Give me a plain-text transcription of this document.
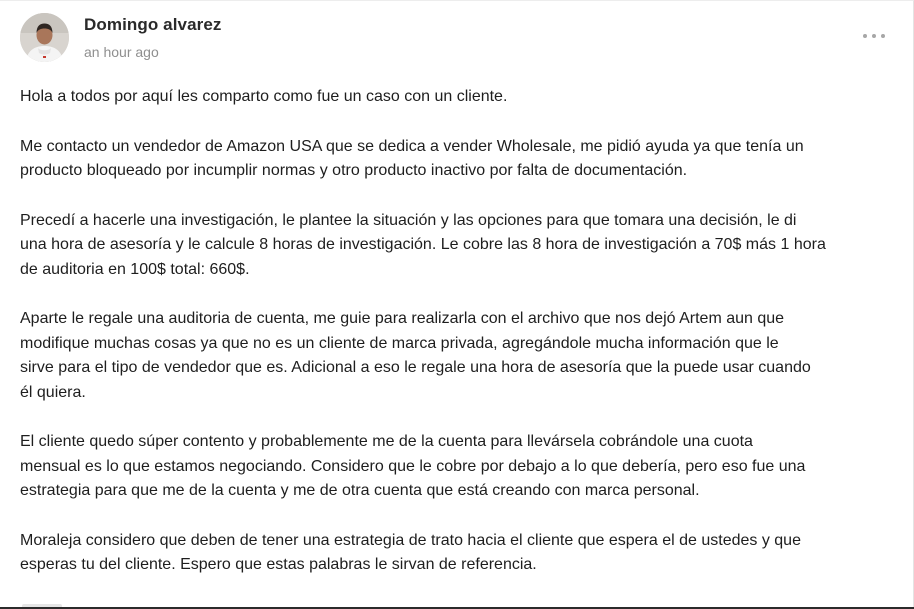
Domingo alvarez
an hour ago

Hola a todos por aquí les comparto como fue un caso con un cliente.

Me contacto un vendedor de Amazon USA que se dedica a vender Wholesale, me pidió ayuda ya que tenía un
producto bloqueado por incumplir normas y otro producto inactivo por falta de documentación.

Precedí a hacerle una investigación, le plantee la situación y las opciones para que tomara una decisión, le di
una hora de asesoría y le calcule 8 horas de investigación. Le cobre las 8 hora de investigación a 70$ más 1 hora
de auditoria en 100$ total: 660$.

Aparte le regale una auditoria de cuenta, me guie para realizarla con el archivo que nos dejó Artem aun que
modifique muchas cosas ya que no es un cliente de marca privada, agregándole mucha información que le
sirve para el tipo de vendedor que es. Adicional a eso le regale una hora de asesoría que la puede usar cuando
él quiera.

El cliente quedo súper contento y probablemente me de la cuenta para llevársela cobrándole una cuota
mensual es lo que estamos negociando. Considero que le cobre por debajo a lo que debería, pero eso fue una
estrategia para que me de la cuenta y me de otra cuenta que está creando con marca personal.

Moraleja considero que deben de tener una estrategia de trato hacia el cliente que espera el de ustedes y que
esperas tu del cliente. Espero que estas palabras le sirvan de referencia.
